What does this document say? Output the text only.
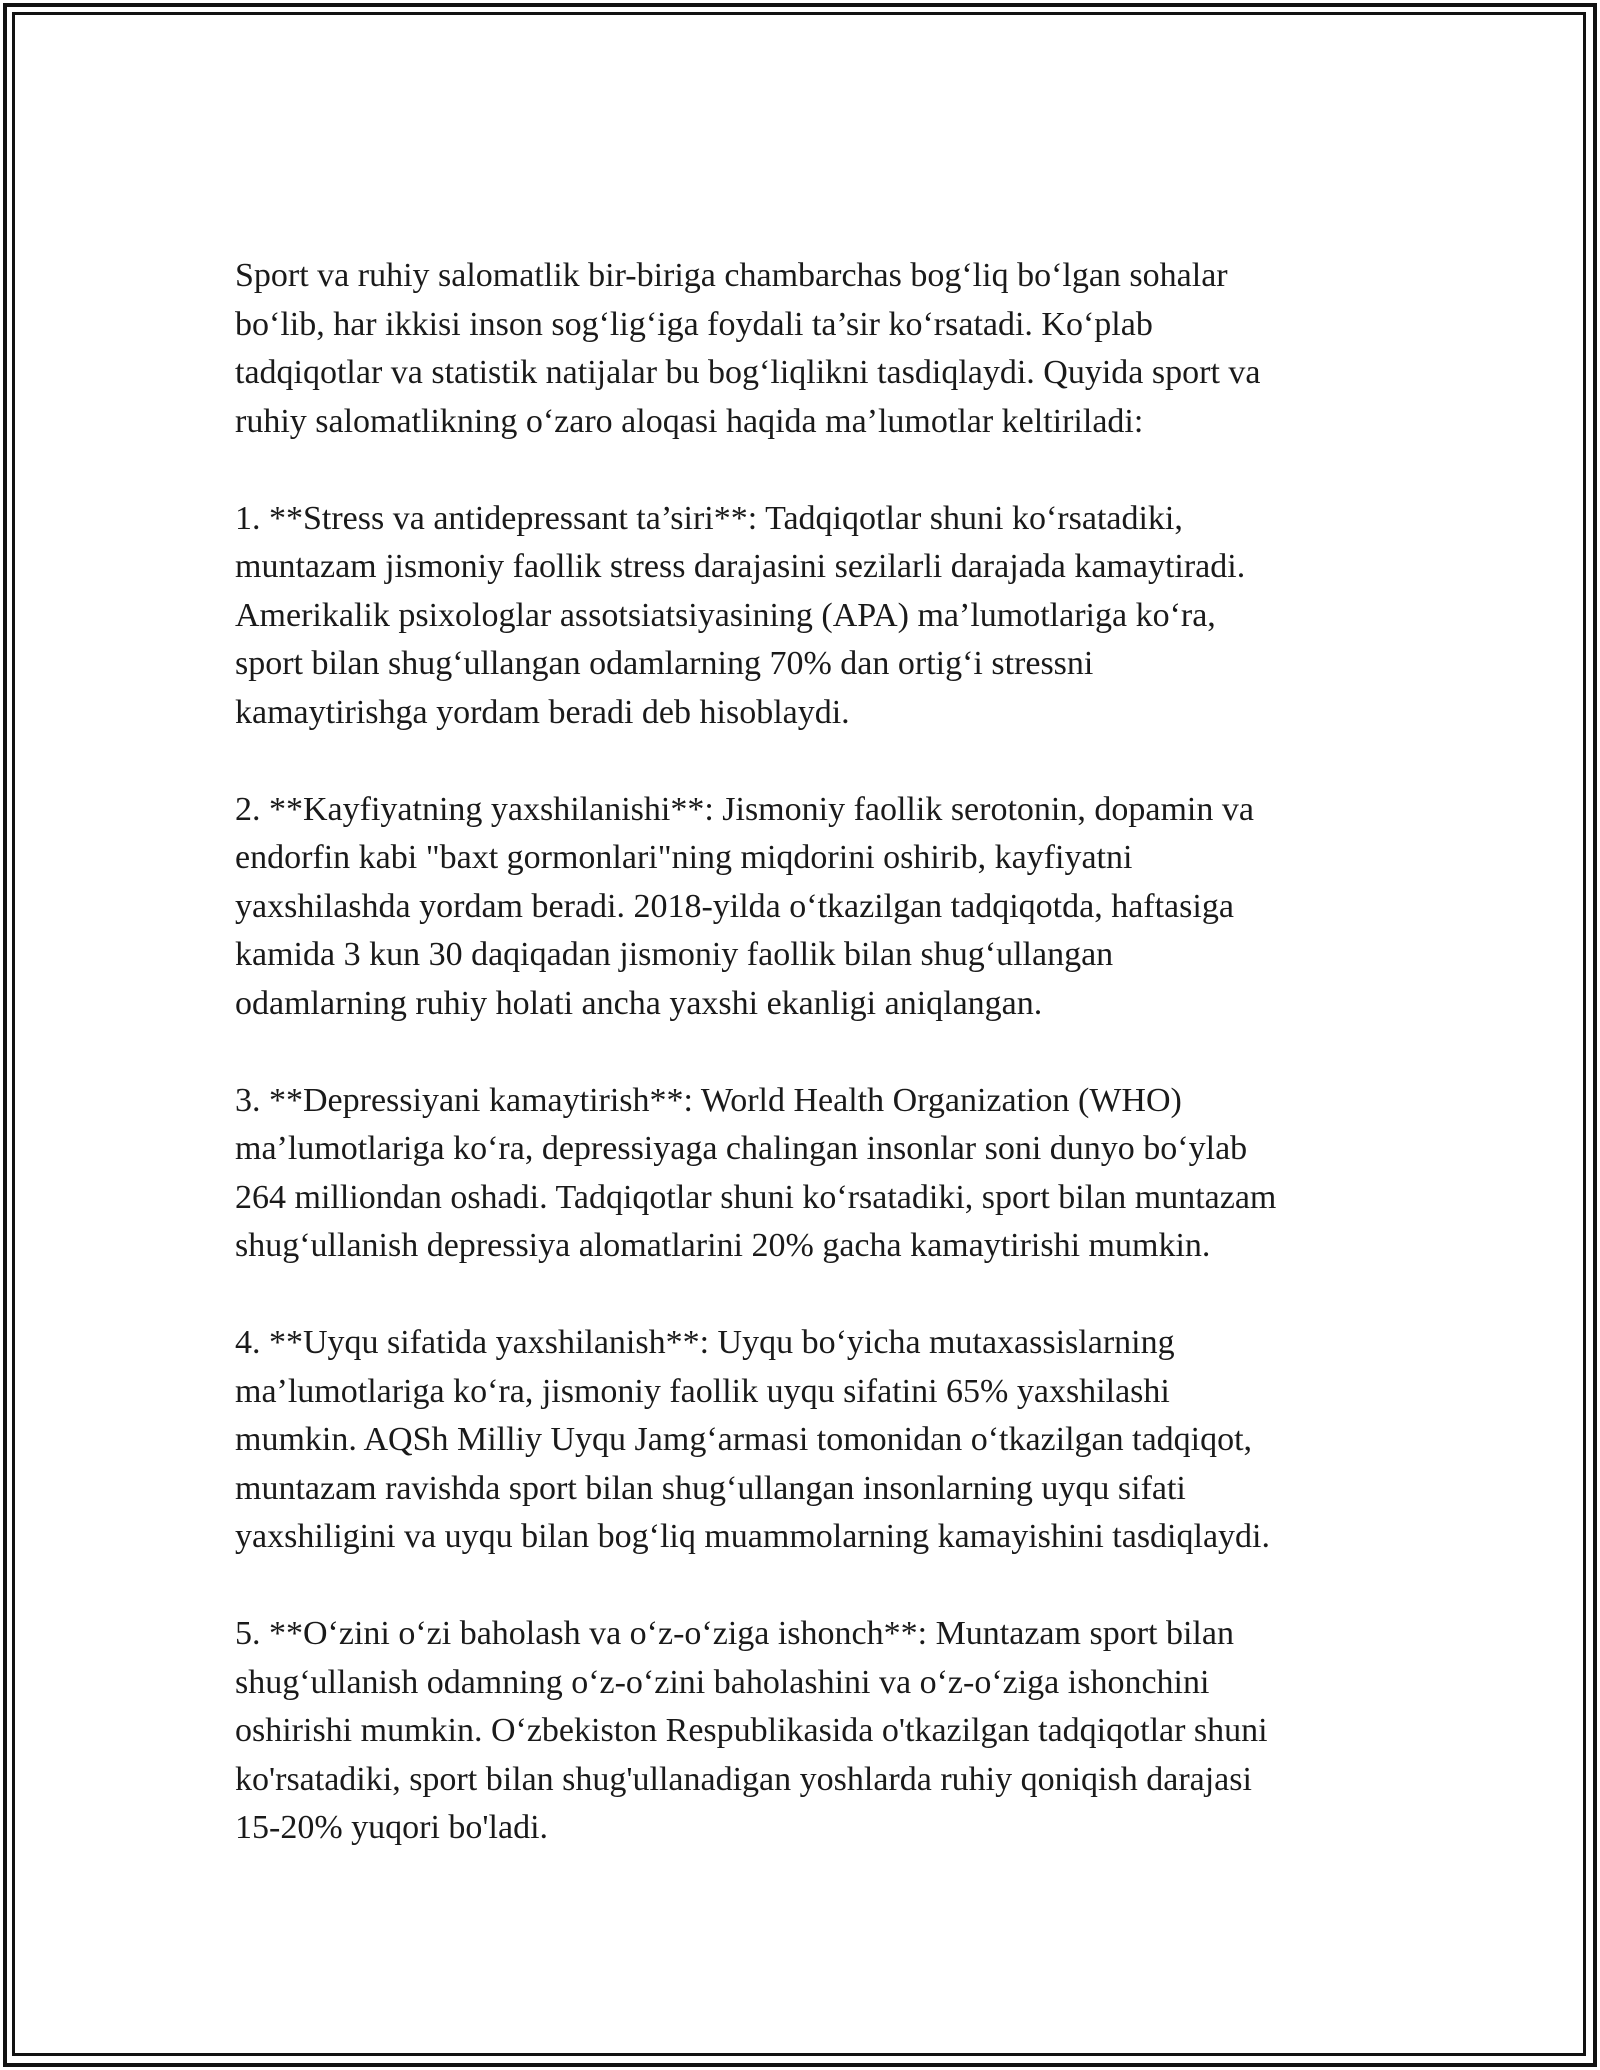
Sport va ruhiy salomatlik bir-biriga chambarchas bog‘liq bo‘lgan sohalar
bo‘lib, har ikkisi inson sog‘lig‘iga foydali ta’sir ko‘rsatadi. Ko‘plab
tadqiqotlar va statistik natijalar bu bog‘liqlikni tasdiqlaydi. Quyida sport va
ruhiy salomatlikning o‘zaro aloqasi haqida ma’lumotlar keltiriladi:

1. **Stress va antidepressant ta’siri**: Tadqiqotlar shuni ko‘rsatadiki,
muntazam jismoniy faollik stress darajasini sezilarli darajada kamaytiradi.
Amerikalik psixologlar assotsiatsiyasining (APA) ma’lumotlariga ko‘ra,
sport bilan shug‘ullangan odamlarning 70% dan ortig‘i stressni
kamaytirishga yordam beradi deb hisoblaydi.

2. **Kayfiyatning yaxshilanishi**: Jismoniy faollik serotonin, dopamin va
endorfin kabi "baxt gormonlari"ning miqdorini oshirib, kayfiyatni
yaxshilashda yordam beradi. 2018-yilda o‘tkazilgan tadqiqotda, haftasiga
kamida 3 kun 30 daqiqadan jismoniy faollik bilan shug‘ullangan
odamlarning ruhiy holati ancha yaxshi ekanligi aniqlangan.

3. **Depressiyani kamaytirish**: World Health Organization (WHO)
ma’lumotlariga ko‘ra, depressiyaga chalingan insonlar soni dunyo bo‘ylab
264 milliondan oshadi. Tadqiqotlar shuni ko‘rsatadiki, sport bilan muntazam
shug‘ullanish depressiya alomatlarini 20% gacha kamaytirishi mumkin.

4. **Uyqu sifatida yaxshilanish**: Uyqu bo‘yicha mutaxassislarning
ma’lumotlariga ko‘ra, jismoniy faollik uyqu sifatini 65% yaxshilashi
mumkin. AQSh Milliy Uyqu Jamg‘armasi tomonidan o‘tkazilgan tadqiqot,
muntazam ravishda sport bilan shug‘ullangan insonlarning uyqu sifati
yaxshiligini va uyqu bilan bog‘liq muammolarning kamayishini tasdiqlaydi.

5. **O‘zini o‘zi baholash va o‘z-o‘ziga ishonch**: Muntazam sport bilan
shug‘ullanish odamning o‘z-o‘zini baholashini va o‘z-o‘ziga ishonchini
oshirishi mumkin. O‘zbekiston Respublikasida o'tkazilgan tadqiqotlar shuni
ko'rsatadiki, sport bilan shug'ullanadigan yoshlarda ruhiy qoniqish darajasi
15-20% yuqori bo'ladi.
